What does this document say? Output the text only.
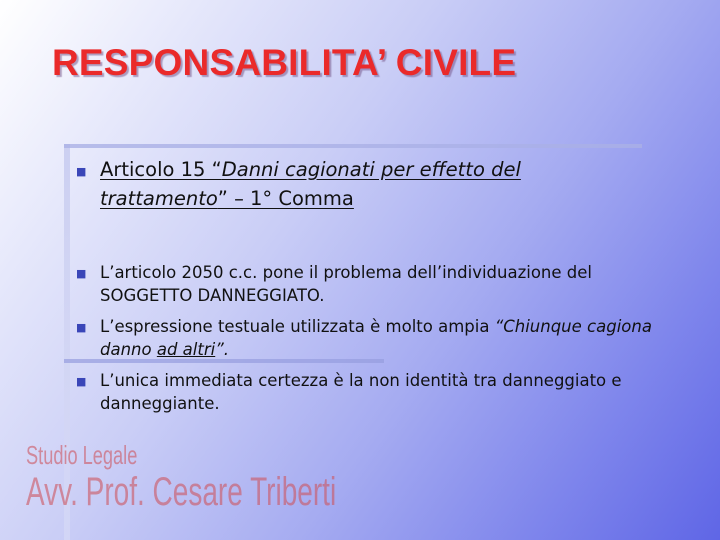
RESPONSABILITA’ CIVILE
■ Articolo 15 “Danni cagionati per effetto del trattamento” – 1° Comma
■ L’articolo 2050 c.c. pone il problema dell’individuazione del SOGGETTO DANNEGGIATO.
■ L’espressione testuale utilizzata è molto ampia “Chiunque cagiona danno ad altri”.
■ L’unica immediata certezza è la non identità tra danneggiato e danneggiante.
Studio Legale
Avv. Prof. Cesare Triberti
